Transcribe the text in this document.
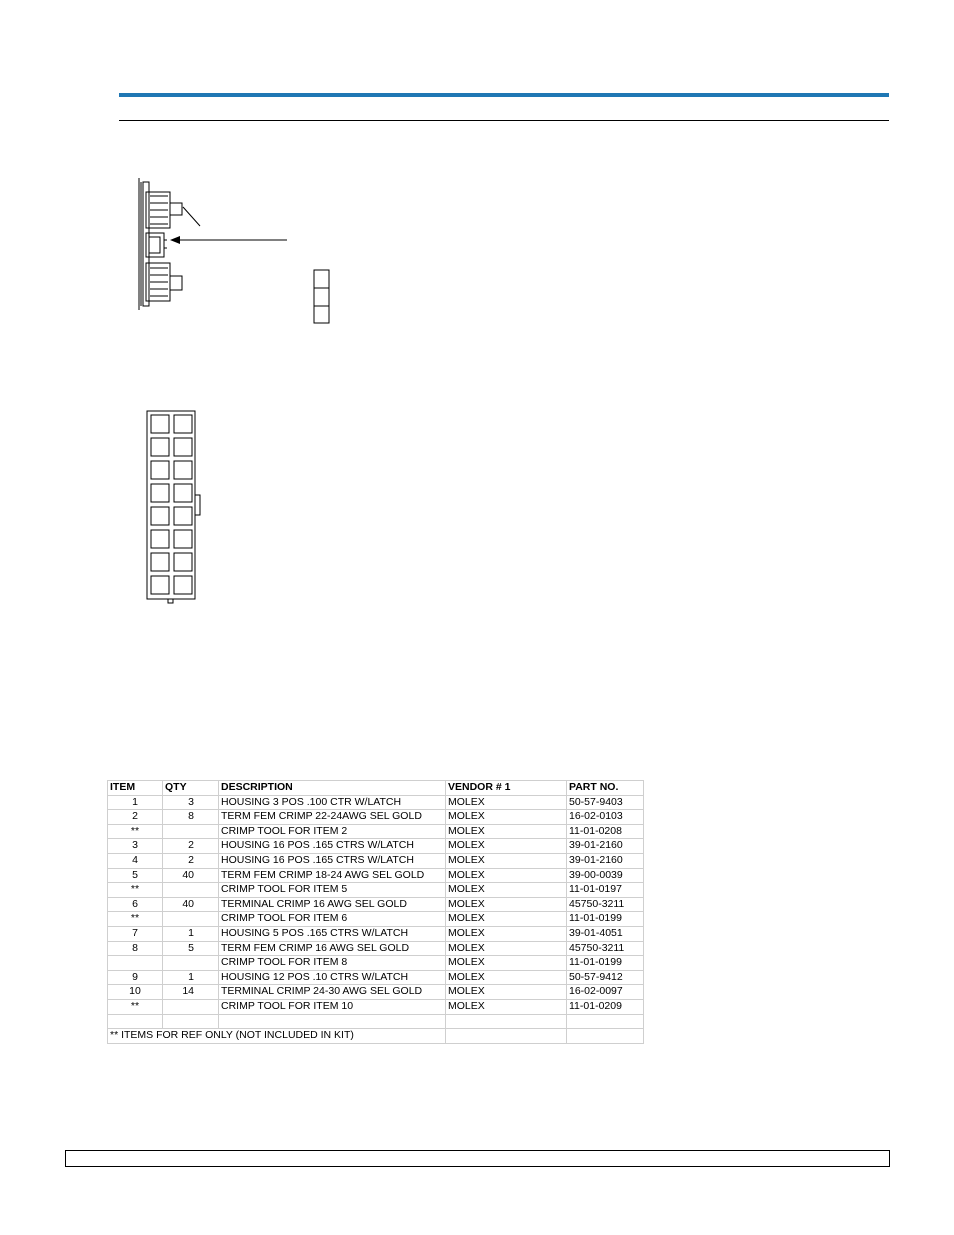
ITEM	QTY	DESCRIPTION	VENDOR # 1	PART NO.
1	3	HOUSING 3 POS .100 CTR W/LATCH	MOLEX	50-57-9403
2	8	TERM FEM CRIMP 22-24AWG SEL GOLD	MOLEX	16-02-0103
**		CRIMP TOOL FOR ITEM 2	MOLEX	11-01-0208
3	2	HOUSING 16 POS .165 CTRS W/LATCH	MOLEX	39-01-2160
4	2	HOUSING 16 POS .165 CTRS W/LATCH	MOLEX	39-01-2160
5	40	TERM FEM CRIMP 18-24 AWG SEL GOLD	MOLEX	39-00-0039
**		CRIMP TOOL FOR ITEM 5	MOLEX	11-01-0197
6	40	TERMINAL CRIMP 16 AWG SEL GOLD	MOLEX	45750-3211
**		CRIMP TOOL FOR ITEM 6	MOLEX	11-01-0199
7	1	HOUSING 5 POS .165 CTRS W/LATCH	MOLEX	39-01-4051
8	5	TERM FEM CRIMP 16 AWG SEL GOLD	MOLEX	45750-3211
		CRIMP TOOL FOR ITEM 8	MOLEX	11-01-0199
9	1	HOUSING 12 POS .10 CTRS W/LATCH	MOLEX	50-57-9412
10	14	TERMINAL CRIMP 24-30 AWG SEL GOLD	MOLEX	16-02-0097
**		CRIMP TOOL FOR ITEM 10	MOLEX	11-01-0209

** ITEMS FOR REF ONLY (NOT INCLUDED IN KIT)				
